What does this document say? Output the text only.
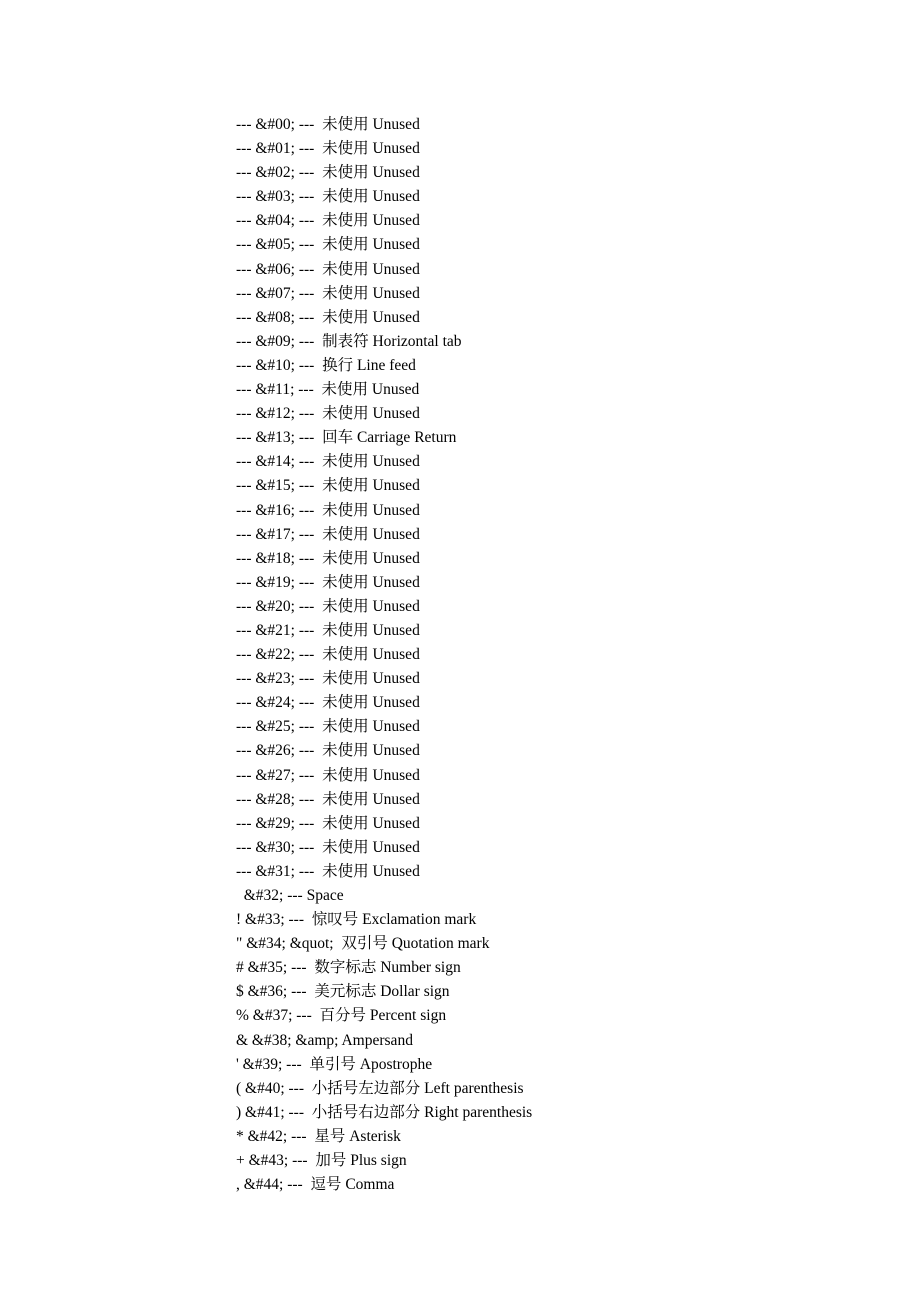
--- &#00; ---  未使用 Unused
--- &#01; ---  未使用 Unused
--- &#02; ---  未使用 Unused
--- &#03; ---  未使用 Unused
--- &#04; ---  未使用 Unused
--- &#05; ---  未使用 Unused
--- &#06; ---  未使用 Unused
--- &#07; ---  未使用 Unused
--- &#08; ---  未使用 Unused
--- &#09; ---  制表符 Horizontal tab
--- &#10; ---  换行 Line feed
--- &#11; ---  未使用 Unused
--- &#12; ---  未使用 Unused
--- &#13; ---  回车 Carriage Return
--- &#14; ---  未使用 Unused
--- &#15; ---  未使用 Unused
--- &#16; ---  未使用 Unused
--- &#17; ---  未使用 Unused
--- &#18; ---  未使用 Unused
--- &#19; ---  未使用 Unused
--- &#20; ---  未使用 Unused
--- &#21; ---  未使用 Unused
--- &#22; ---  未使用 Unused
--- &#23; ---  未使用 Unused
--- &#24; ---  未使用 Unused
--- &#25; ---  未使用 Unused
--- &#26; ---  未使用 Unused
--- &#27; ---  未使用 Unused
--- &#28; ---  未使用 Unused
--- &#29; ---  未使用 Unused
--- &#30; ---  未使用 Unused
--- &#31; ---  未使用 Unused
&#32; --- Space
! &#33; ---  惊叹号 Exclamation mark
" &#34; &quot;  双引号 Quotation mark
# &#35; ---  数字标志 Number sign
$ &#36; ---  美元标志 Dollar sign
% &#37; ---  百分号 Percent sign
& &#38; &amp; Ampersand
' &#39; ---  单引号 Apostrophe
( &#40; ---  小括号左边部分 Left parenthesis
) &#41; ---  小括号右边部分 Right parenthesis
* &#42; ---  星号 Asterisk
+ &#43; ---  加号 Plus sign
, &#44; ---  逗号 Comma
